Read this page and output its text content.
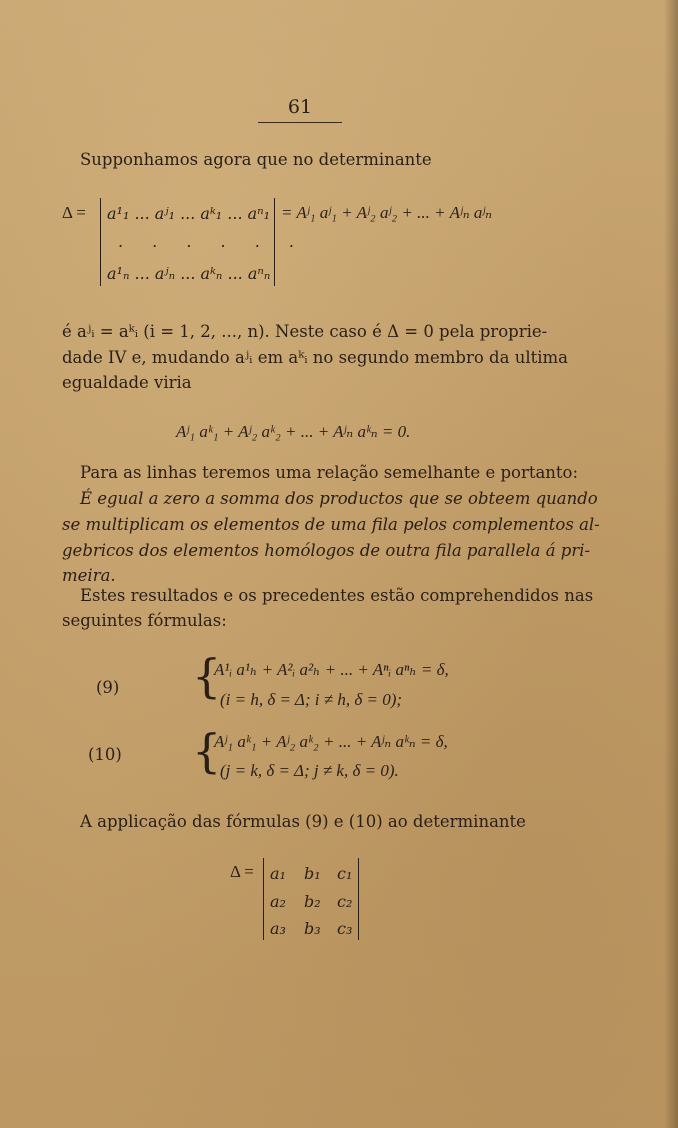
61
Supponhamos agora que no determinante
Δ = a¹₁ ... aʲ₁ ... aᵏ₁ ... aⁿ₁
. . . . . .
a¹ₙ ... aʲₙ ... aᵏₙ ... aⁿₙ
= Aʲ₁ aʲ₁ + Aʲ₂ aʲ₂ + ... + Aʲₙ aʲₙ
é aʲᵢ = aᵏᵢ (i = 1, 2, ..., n). Neste caso é Δ = 0 pela proprie-
dade IV e, mudando aʲᵢ em aᵏᵢ no segundo membro da ultima
egualdade viria
Aʲ₁ aᵏ₁ + Aʲ₂ aᵏ₂ + ... + Aʲₙ aᵏₙ = 0.
Para as linhas teremos uma relação semelhante e portanto:
É egual a zero a somma dos productos que se obteem quando
se multiplicam os elementos de uma fila pelos complementos al-
gebricos dos elementos homólogos de outra fila parallela á pri-
meira.
Estes resultados e os precedentes estão comprehendidos nas
seguintes fórmulas:
(9) {
A¹ᵢ a¹ₕ + A²ᵢ a²ₕ + ... + Aⁿᵢ aⁿₕ = δ,
(i = h, δ = Δ; i ≠ h, δ = 0);
(10) {
Aʲ₁ aᵏ₁ + Aʲ₂ aᵏ₂ + ... + Aʲₙ aᵏₙ = δ,
(j = k, δ = Δ; j ≠ k, δ = 0).
A applicação das fórmulas (9) e (10) ao determinante
Δ = a₁ b₁ c₁
a₂ b₂ c₂
a₃ b₃ c₃
